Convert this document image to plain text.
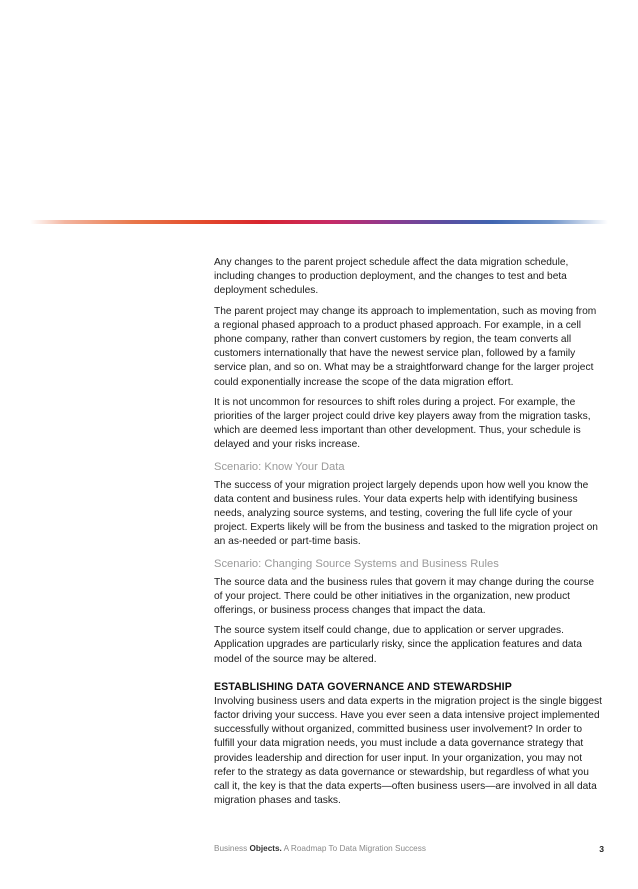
Any changes to the parent project schedule affect the data migration schedule, including changes to production deployment, and the changes to test and beta deployment schedules.

The parent project may change its approach to implementation, such as moving from a regional phased approach to a product phased approach. For example, in a cell phone company, rather than convert customers by region, the team converts all customers internationally that have the newest service plan, followed by a family service plan, and so on. What may be a straightforward change for the larger project could exponentially increase the scope of the data migration effort.

It is not uncommon for resources to shift roles during a project. For example, the priorities of the larger project could drive key players away from the migration tasks, which are deemed less important than other development. Thus, your schedule is delayed and your risks increase.

Scenario: Know Your Data

The success of your migration project largely depends upon how well you know the data content and business rules. Your data experts help with identifying business needs, analyzing source systems, and testing, covering the full life cycle of your project. Experts likely will be from the business and tasked to the migration project on an as-needed or part-time basis.

Scenario: Changing Source Systems and Business Rules

The source data and the business rules that govern it may change during the course of your project. There could be other initiatives in the organization, new product offerings, or business process changes that impact the data.

The source system itself could change, due to application or server upgrades. Application upgrades are particularly risky, since the application features and data model of the source may be altered.

ESTABLISHING DATA GOVERNANCE AND STEWARDSHIP

Involving business users and data experts in the migration project is the single biggest factor driving your success. Have you ever seen a data intensive project implemented successfully without organized, committed business user involvement? In order to fulfill your data migration needs, you must include a data governance strategy that provides leadership and direction for user input. In your organization, you may not refer to the strategy as data governance or stewardship, but regardless of what you call it, the key is that the data experts—often business users—are involved in all data migration phases and tasks.

Business Objects. A Roadmap To Data Migration Success	3
